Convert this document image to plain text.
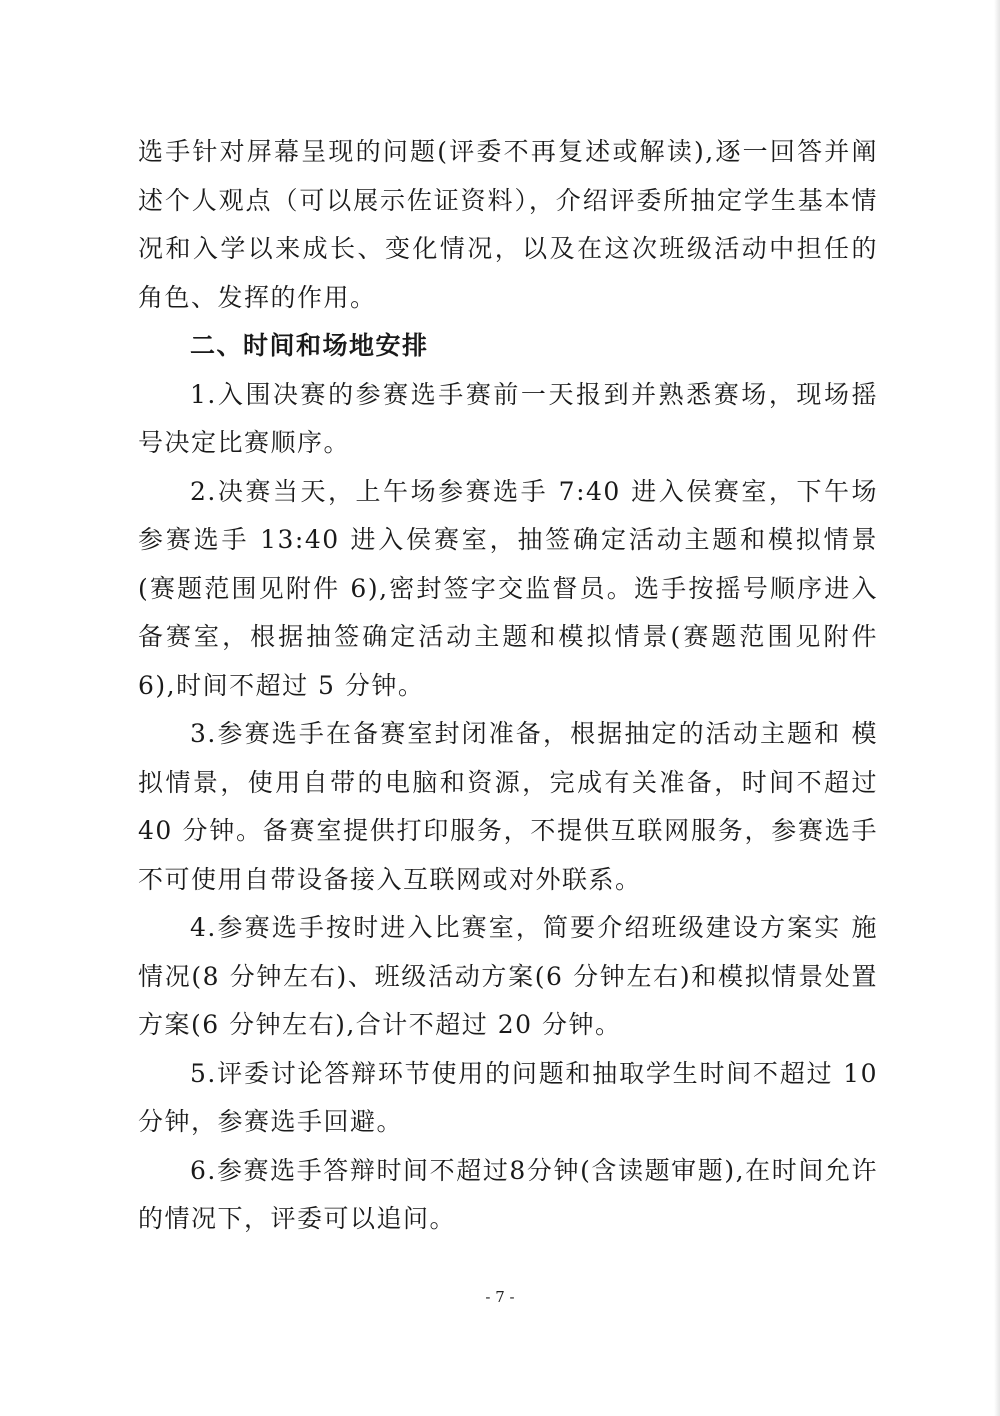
选手针对屏幕呈现的问题(评委不再复述或解读),逐一回答并阐述个人观点（可以展示佐证资料），介绍评委所抽定学生基本情况和入学以来成长、变化情况，以及在这次班级活动中担任的角色、发挥的作用。

二、时间和场地安排

1.入围决赛的参赛选手赛前一天报到并熟悉赛场，现场摇号决定比赛顺序。

2.决赛当天，上午场参赛选手 7:40 进入侯赛室，下午场参赛选手 13:40 进入侯赛室，抽签确定活动主题和模拟情景(赛题范围见附件 6),密封签字交监督员。选手按摇号顺序进入备赛室，根据抽签确定活动主题和模拟情景(赛题范围见附件 6),时间不超过 5 分钟。

3.参赛选手在备赛室封闭准备，根据抽定的活动主题和 模拟情景，使用自带的电脑和资源，完成有关准备，时间不超过 40 分钟。备赛室提供打印服务，不提供互联网服务，参赛选手不可使用自带设备接入互联网或对外联系。

4.参赛选手按时进入比赛室，简要介绍班级建设方案实 施情况(8 分钟左右)、班级活动方案(6 分钟左右)和模拟情景处置方案(6 分钟左右),合计不超过 20 分钟。

5.评委讨论答辩环节使用的问题和抽取学生时间不超过 10 分钟，参赛选手回避。

6.参赛选手答辩时间不超过8分钟(含读题审题),在时间允许的情况下，评委可以追问。

- 7 -
